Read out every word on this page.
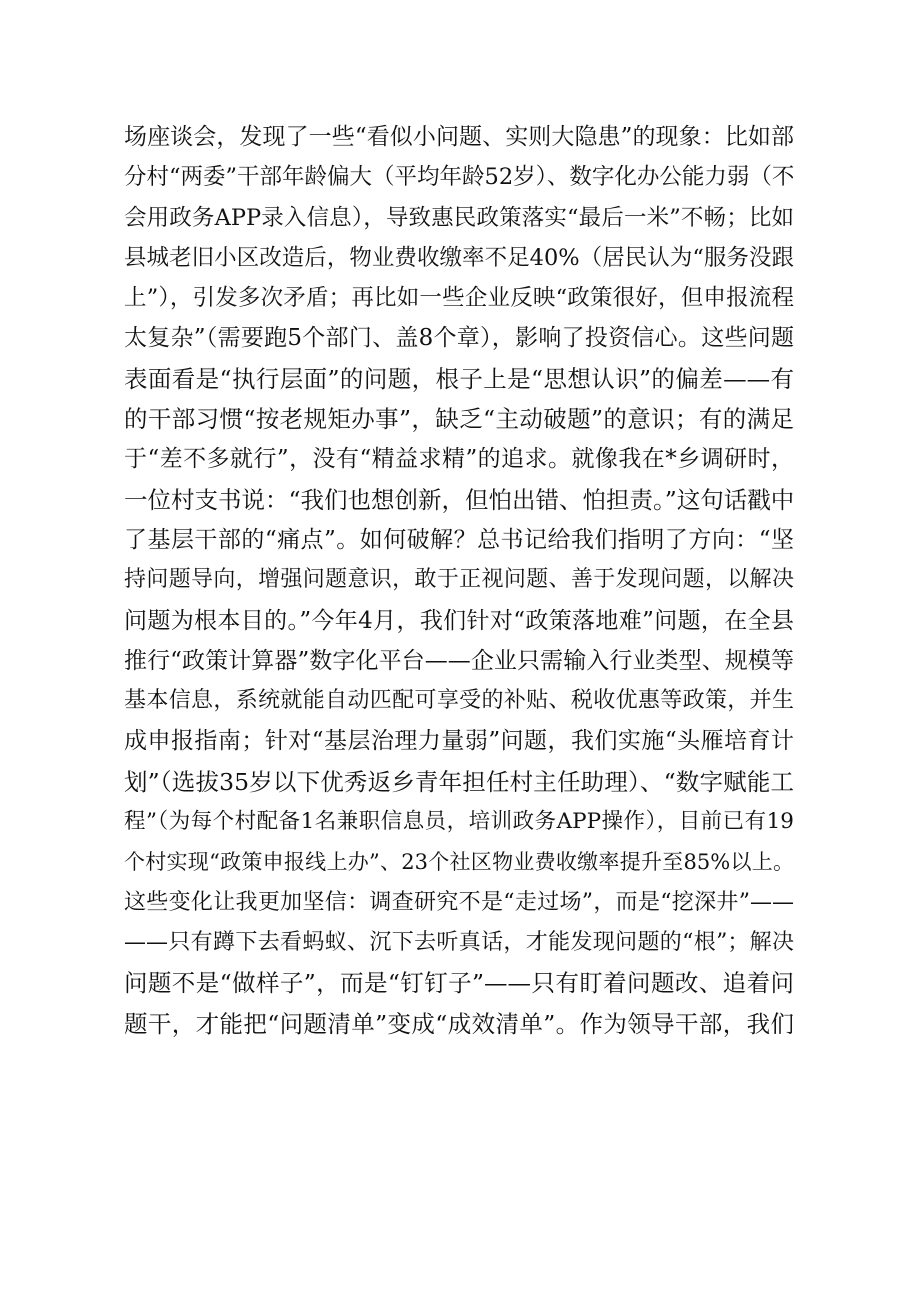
场座谈会，发现了一些“看似小问题、实则大隐患”的现象：比如部
分村“两委”干部年龄偏大（平均年龄52岁）、数字化办公能力弱（不
会用政务APP录入信息），导致惠民政策落实“最后一米”不畅；比如
县城老旧小区改造后，物业费收缴率不足40%（居民认为“服务没跟
上”），引发多次矛盾；再比如一些企业反映“政策很好，但申报流程
太复杂”（需要跑5个部门、盖8个章），影响了投资信心。这些问题
表面看是“执行层面”的问题，根子上是“思想认识”的偏差——有
的干部习惯“按老规矩办事”，缺乏“主动破题”的意识；有的满足
于“差不多就行”，没有“精益求精”的追求。就像我在*乡调研时，
一位村支书说：“我们也想创新，但怕出错、怕担责。”这句话戳中
了基层干部的“痛点”。如何破解？总书记给我们指明了方向：“坚
持问题导向，增强问题意识，敢于正视问题、善于发现问题，以解决
问题为根本目的。”今年4月，我们针对“政策落地难”问题，在全县
推行“政策计算器”数字化平台——企业只需输入行业类型、规模等
基本信息，系统就能自动匹配可享受的补贴、税收优惠等政策，并生
成申报指南；针对“基层治理力量弱”问题，我们实施“头雁培育计
划”（选拔35岁以下优秀返乡青年担任村主任助理）、“数字赋能工
程”（为每个村配备1名兼职信息员，培训政务APP操作），目前已有19
个村实现“政策申报线上办”、23个社区物业费收缴率提升至85%以上。
这些变化让我更加坚信：调查研究不是“走过场”，而是“挖深井”——
——只有蹲下去看蚂蚁、沉下去听真话，才能发现问题的“根”；解决
问题不是“做样子”，而是“钉钉子”——只有盯着问题改、追着问
题干，才能把“问题清单”变成“成效清单”。作为领导干部，我们
